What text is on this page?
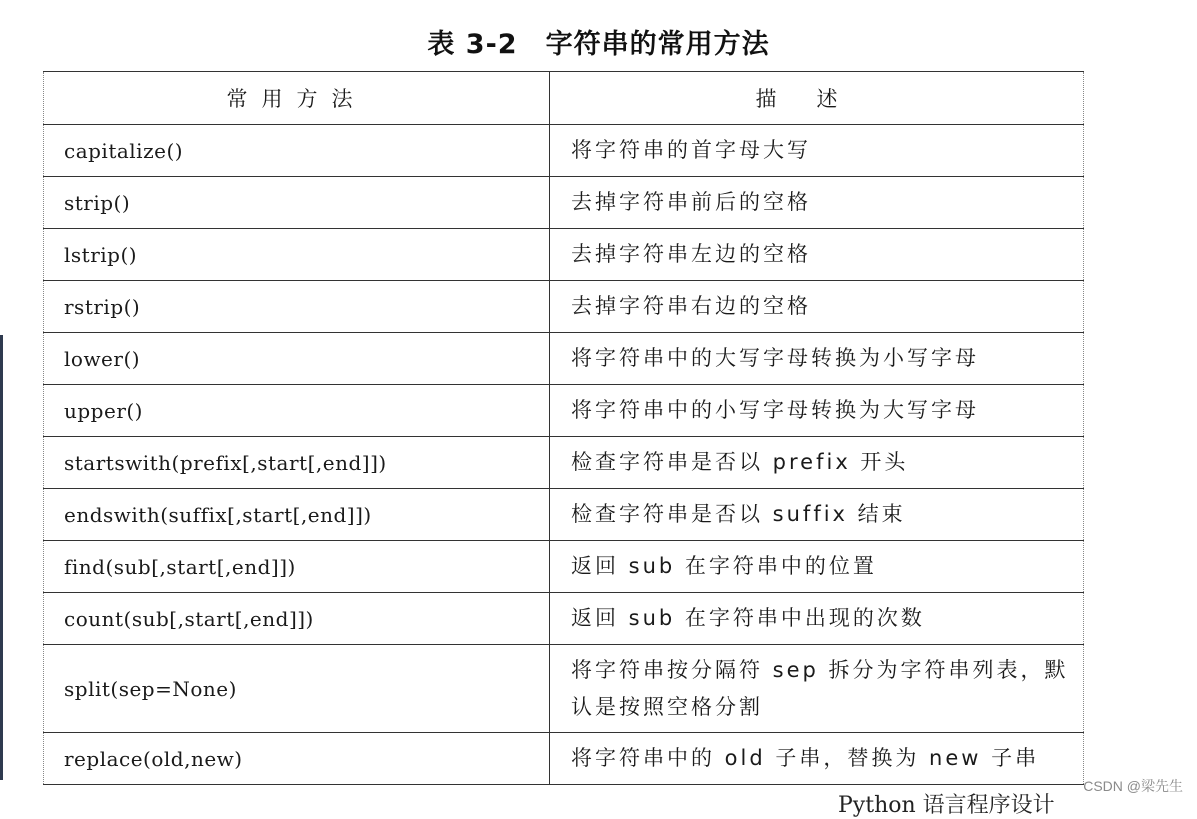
表 3-2 字符串的常用方法
常用方法	描述
capitalize()	将字符串的首字母大写
strip()	去掉字符串前后的空格
lstrip()	去掉字符串左边的空格
rstrip()	去掉字符串右边的空格
lower()	将字符串中的大写字母转换为小写字母
upper()	将字符串中的小写字母转换为大写字母
startswith(prefix[,start[,end]])	检查字符串是否以 prefix 开头
endswith(suffix[,start[,end]])	检查字符串是否以 suffix 结束
find(sub[,start[,end]])	返回 sub 在字符串中的位置
count(sub[,start[,end]])	返回 sub 在字符串中出现的次数
split(sep=None)	将字符串按分隔符 sep 拆分为字符串列表，默认是按照空格分割
replace(old,new)	将字符串中的 old 子串，替换为 new 子串
Python 语言程序设计
CSDN @梁先生
